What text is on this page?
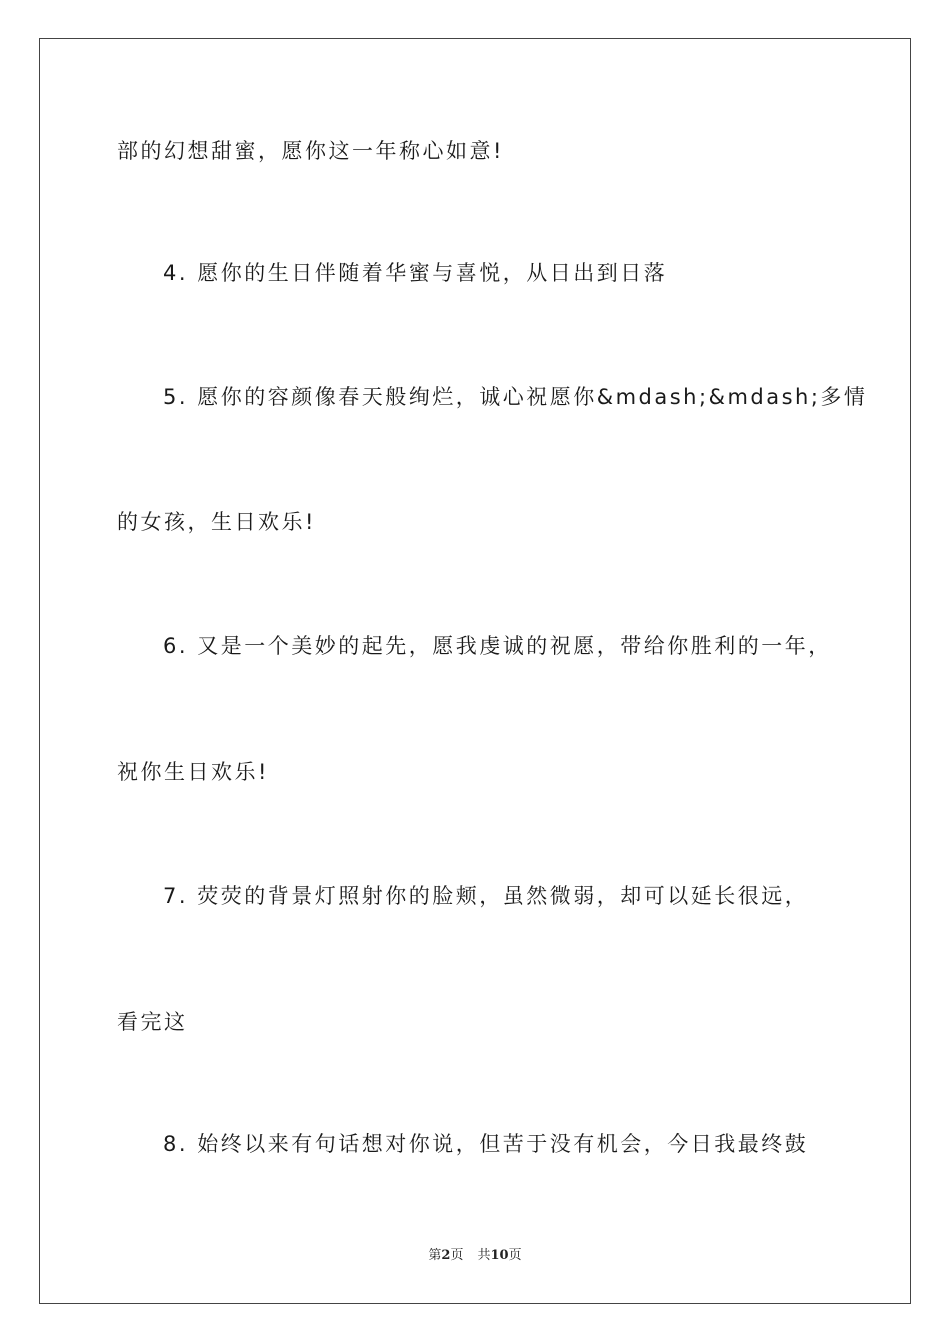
部的幻想甜蜜，愿你这一年称心如意!
4. 愿你的生日伴随着华蜜与喜悦，从日出到日落
5. 愿你的容颜像春天般绚烂，诚心祝愿你&mdash;&mdash;多情
的女孩，生日欢乐!
6. 又是一个美妙的起先，愿我虔诚的祝愿，带给你胜利的一年，
祝你生日欢乐!
7. 荧荧的背景灯照射你的脸颊，虽然微弱，却可以延长很远，
看完这
8. 始终以来有句话想对你说，但苦于没有机会，今日我最终鼓
第2页 共10页
